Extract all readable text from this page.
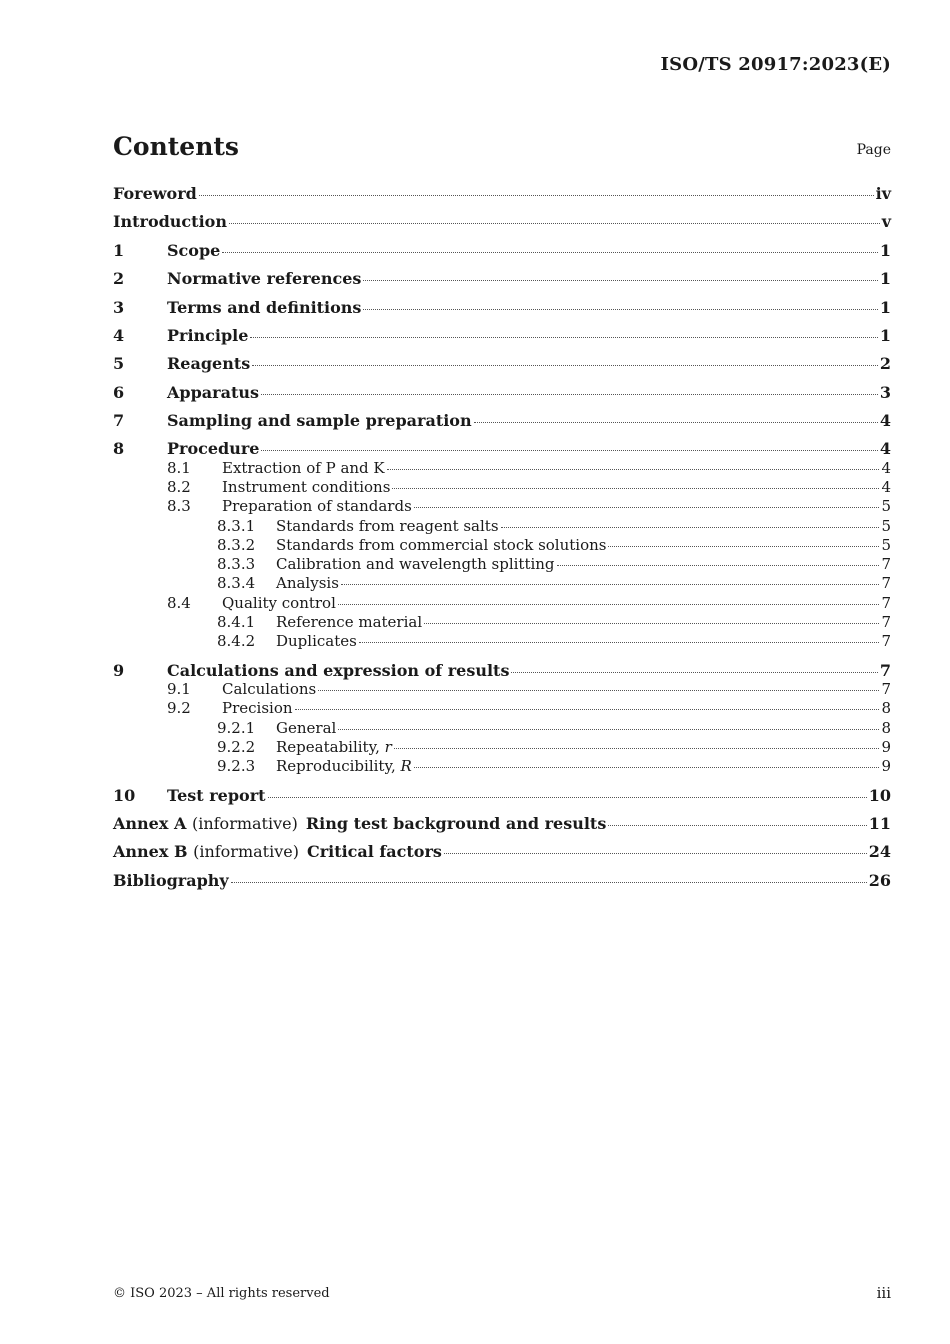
ISO/TS 20917:2023(E)
Contents	Page
Foreword	iv
Introduction	v
1	Scope	1
2	Normative references	1
3	Terms and definitions	1
4	Principle	1
5	Reagents	2
6	Apparatus	3
7	Sampling and sample preparation	4
8	Procedure	4
8.1	Extraction of P and K	4
8.2	Instrument conditions	4
8.3	Preparation of standards	5
8.3.1	Standards from reagent salts	5
8.3.2	Standards from commercial stock solutions	5
8.3.3	Calibration and wavelength splitting	7
8.3.4	Analysis	7
8.4	Quality control	7
8.4.1	Reference material	7
8.4.2	Duplicates	7
9	Calculations and expression of results	7
9.1	Calculations	7
9.2	Precision	8
9.2.1	General	8
9.2.2	Repeatability, r	9
9.2.3	Reproducibility, R	9
10	Test report	10
Annex A (informative) Ring test background and results	11
Annex B (informative) Critical factors	24
Bibliography	26
© ISO 2023 – All rights reserved	iii
